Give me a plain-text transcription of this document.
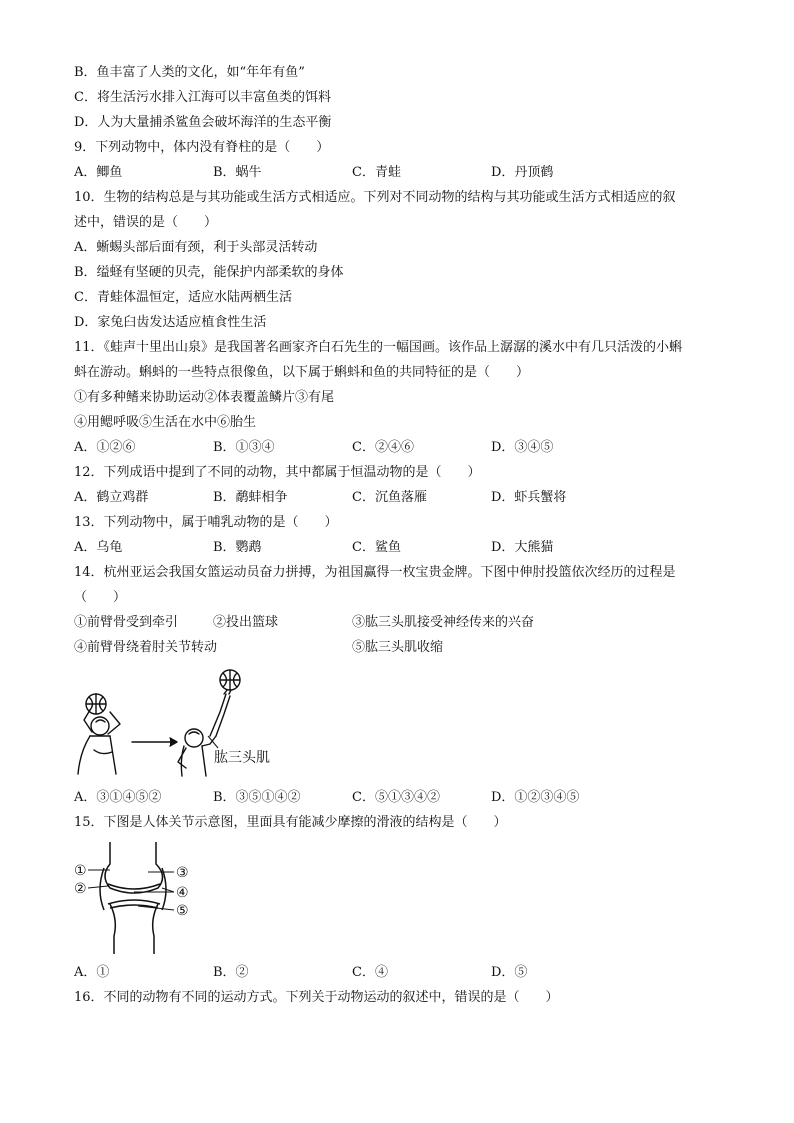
B．鱼丰富了人类的文化，如“年年有鱼”
C．将生活污水排入江海可以丰富鱼类的饵料
D．人为大量捕杀鲨鱼会破坏海洋的生态平衡
9．下列动物中，体内没有脊柱的是（　　）
A．鲫鱼	B．蜗牛	C．青蛙	D．丹顶鹤
10．生物的结构总是与其功能或生活方式相适应。下列对不同动物的结构与其功能或生活方式相适应的叙
述中，错误的是（　　）
A．蜥蜴头部后面有颈，利于头部灵活转动
B．缢蛏有坚硬的贝壳，能保护内部柔软的身体
C．青蛙体温恒定，适应水陆两栖生活
D．家兔臼齿发达适应植食性生活
11．《蛙声十里出山泉》是我国著名画家齐白石先生的一幅国画。该作品上潺潺的溪水中有几只活泼的小蝌
蚪在游动。蝌蚪的一些特点很像鱼，以下属于蝌蚪和鱼的共同特征的是（　　）
①有多种鳍来协助运动②体表覆盖鳞片③有尾
④用鳃呼吸⑤生活在水中⑥胎生
A．①②⑥	B．①③④	C．②④⑥	D．③④⑤
12．下列成语中提到了不同的动物，其中都属于恒温动物的是（　　）
A．鹤立鸡群	B．鹬蚌相争	C．沉鱼落雁	D．虾兵蟹将
13．下列动物中，属于哺乳动物的是（　　）
A．乌龟	B．鹦鹉	C．鲨鱼	D．大熊猫
14．杭州亚运会我国女篮运动员奋力拼搏，为祖国赢得一枚宝贵金牌。下图中伸肘投篮依次经历的过程是
（　　）
①前臂骨受到牵引	②投出篮球	③肱三头肌接受神经传来的兴奋
④前臂骨绕着肘关节转动	⑤肱三头肌收缩
肱三头肌
A．③①④⑤②	B．③⑤①④②	C．⑤①③④②	D．①②③④⑤
15．下图是人体关节示意图，里面具有能减少摩擦的滑液的结构是（　　）
①
②
③
④
⑤
A．①	B．②	C．④	D．⑤
16．不同的动物有不同的运动方式。下列关于动物运动的叙述中，错误的是（　　）
